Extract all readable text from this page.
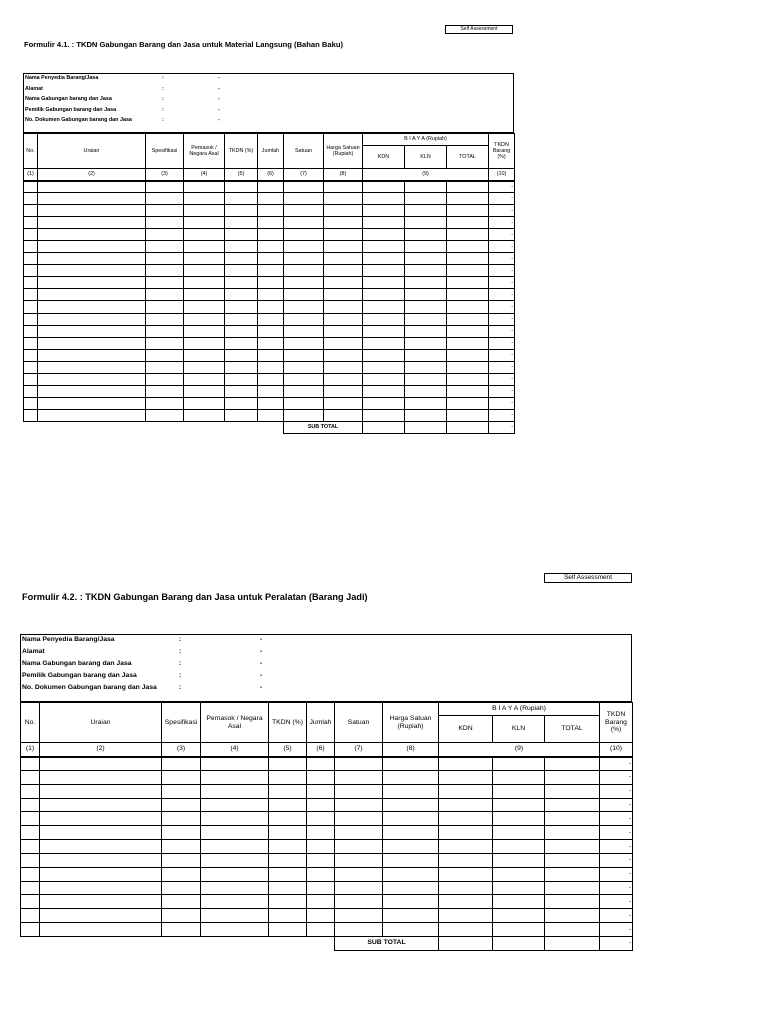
Self Assessment
Formulir 4.1. : TKDN Gabungan Barang dan Jasa untuk Material Langsung (Bahan Baku)
Nama Penyedia Barang/Jasa	:	-
Alamat	:	-
Nama Gabungan barang dan Jasa	:	-
Pemilik Gabungan barang dan Jasa	:	-
No. Dokumen Gabungan barang dan Jasa	:	-
No.	Uraian	Spesifikasi	Pemasok / Negara Asal	TKDN (%)	Jumlah	Satuan	Harga Satuan (Rupiah)	B I A Y A (Rupiah)			TKDN Barang (%)
								KDN	KLN	TOTAL	
(1)	(2)	(3)	(4)	(5)	(6)	(7)	(8)	(9)			(10)
											-
											-
											-
											-
											-
											-
											-
											-
											-
											-
											-
											-
											-
											-
											-
											-
											-
											-
											-
											-
						SUB TOTAL					-
Self Assessment
Formulir 4.2. : TKDN Gabungan Barang dan Jasa untuk Peralatan (Barang Jadi)
Nama Penyedia Barang/Jasa	:	-
Alamat	:	-
Nama Gabungan barang dan Jasa	:	-
Pemilik Gabungan barang dan Jasa	:	-
No. Dokumen Gabungan barang dan Jasa	:	-
No.	Uraian	Spesifikasi	Pemasok / Negara Asal	TKDN (%)	Jumlah	Satuan	Harga Satuan (Rupiah)	B I A Y A (Rupiah)			TKDN Barang (%)
								KDN	KLN	TOTAL	
(1)	(2)	(3)	(4)	(5)	(6)	(7)	(8)	(9)			(10)
											-
											-
											-
											-
											-
											-
											-
											-
											-
											-
											-
											-
											-
						SUB TOTAL					-
